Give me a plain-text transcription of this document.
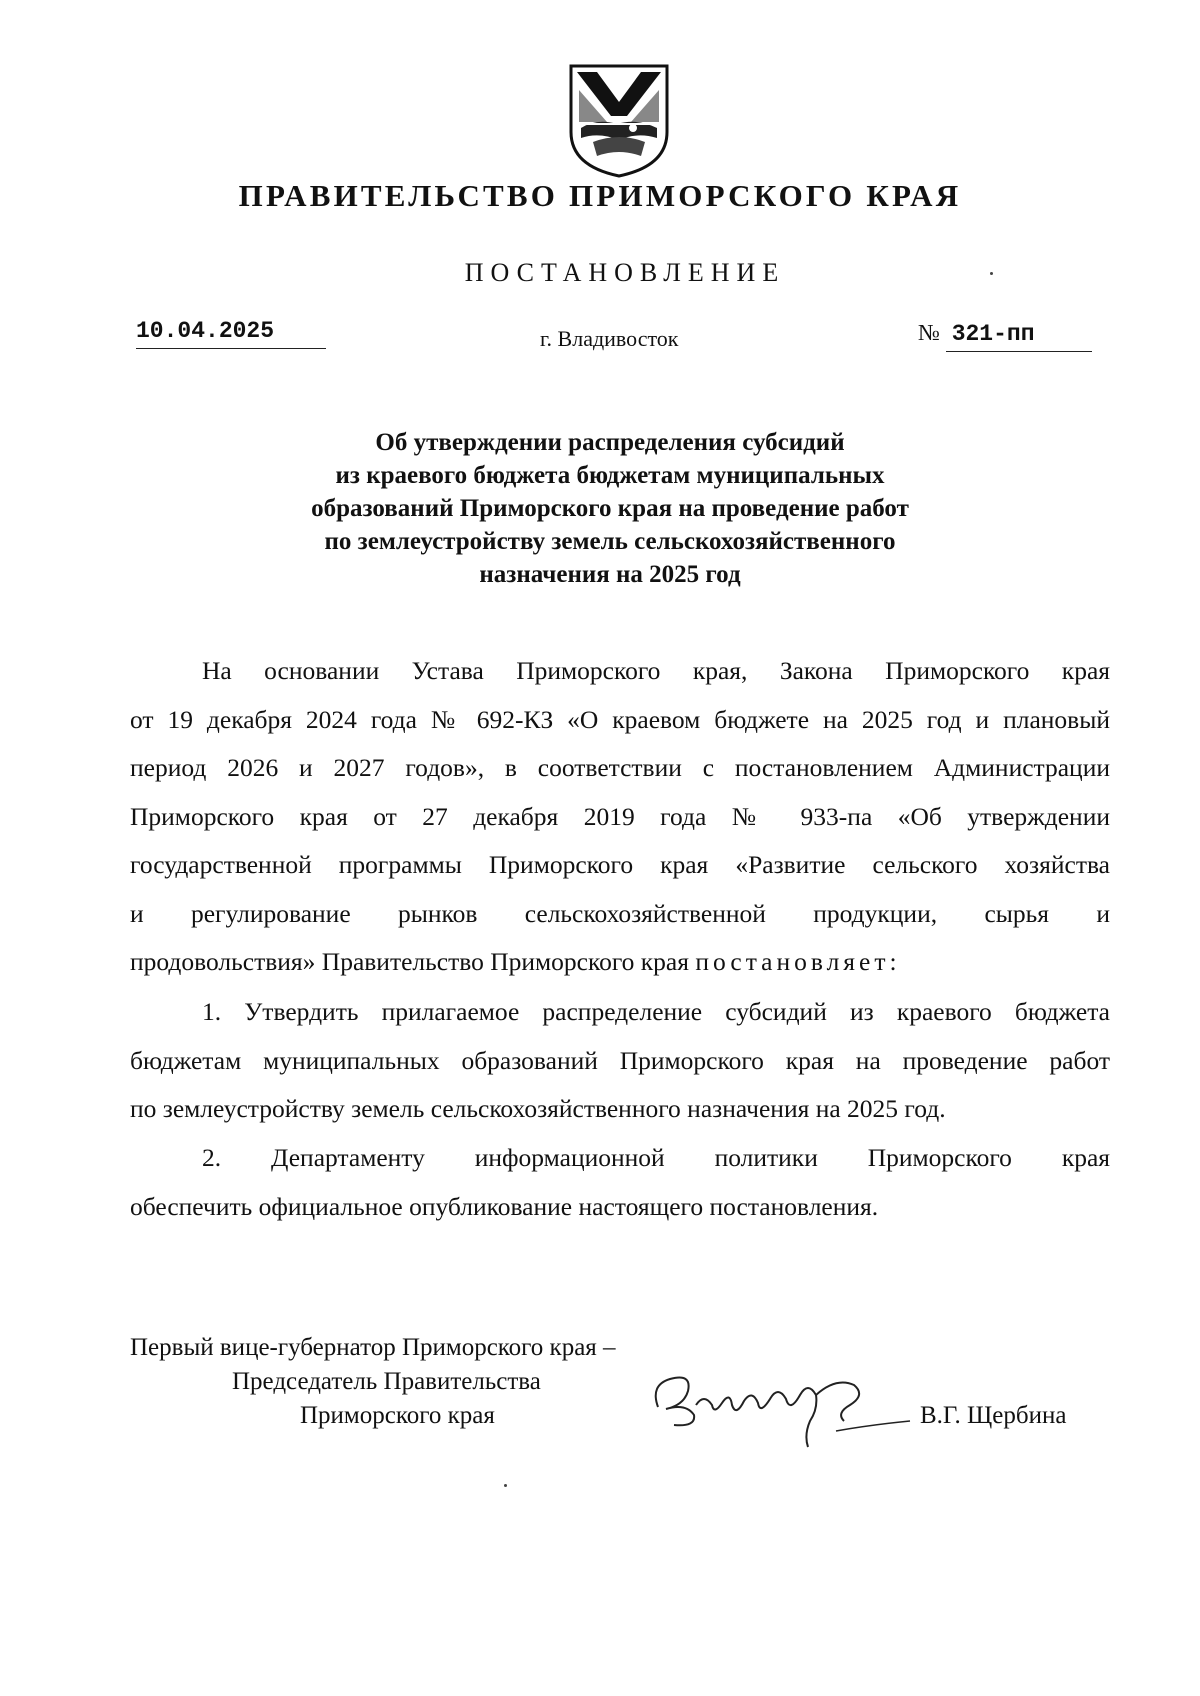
ПРАВИТЕЛЬСТВО ПРИМОРСКОГО КРАЯ
ПОСТАНОВЛЕНИЕ
10.04.2025	г. Владивосток	№ 321-пп
Об утверждении распределения субсидий
из краевого бюджета бюджетам муниципальных
образований Приморского края на проведение работ
по землеустройству земель сельскохозяйственного
назначения на 2025 год
На основании Устава Приморского края, Закона Приморского края
от 19 декабря 2024 года № 692-КЗ «О краевом бюджете на 2025 год и плановый
период 2026 и 2027 годов», в соответствии с постановлением Администрации
Приморского края от 27 декабря 2019 года № 933-па «Об утверждении
государственной программы Приморского края «Развитие сельского хозяйства
и регулирование рынков сельскохозяйственной продукции, сырья и
продовольствия» Правительство Приморского края постановляет:
1. Утвердить прилагаемое распределение субсидий из краевого бюджета
бюджетам муниципальных образований Приморского края на проведение работ
по землеустройству земель сельскохозяйственного назначения на 2025 год.
2. Департаменту информационной политики Приморского края
обеспечить официальное опубликование настоящего постановления.
Первый вице-губернатор Приморского края –
Председатель Правительства
Приморского края	В.Г. Щербина
